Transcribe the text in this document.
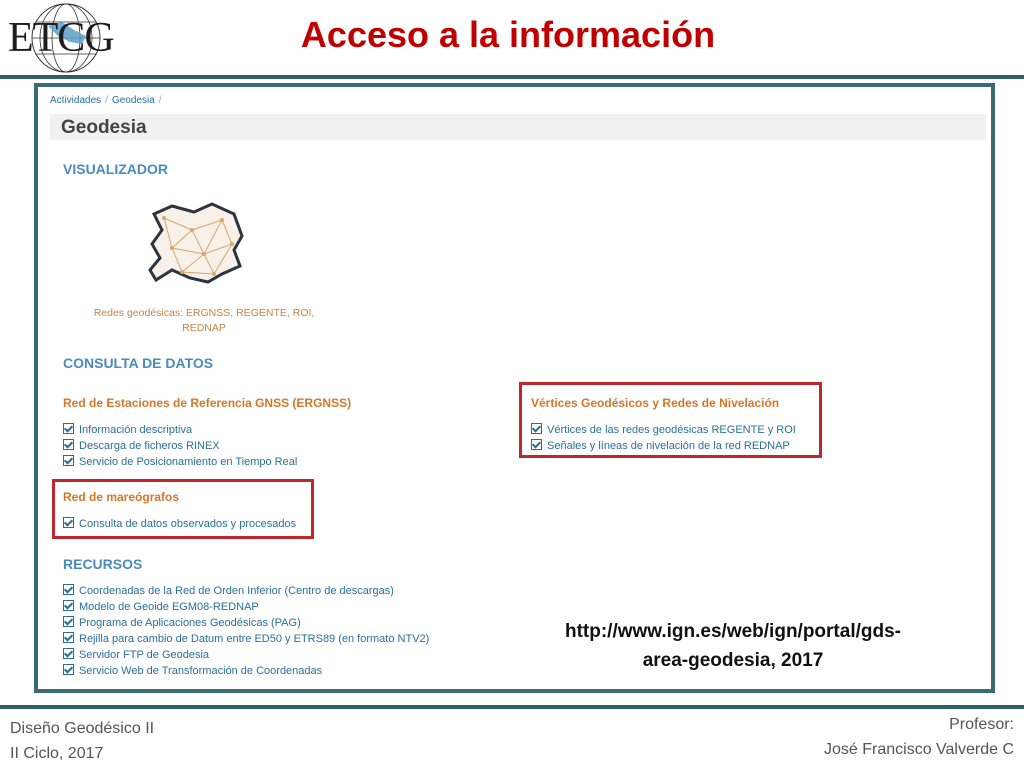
ETCG	Acceso a la información
Actividades / Geodesia /
Geodesia
VISUALIZADOR
Redes geodésicas: ERGNSS, REGENTE, ROI,
REDNAP
CONSULTA DE DATOS
Red de Estaciones de Referencia GNSS (ERGNSS)
Información descriptiva
Descarga de ficheros RINEX
Servicio de Posicionamiento en Tiempo Real
Vértices Geodésicos y Redes de Nivelación
Vértices de las redes geodésicas REGENTE y ROI
Señales y líneas de nivelación de la red REDNAP
Red de mareógrafos
Consulta de datos observados y procesados
RECURSOS
Coordenadas de la Red de Orden Inferior (Centro de descargas)
Modelo de Geoide EGM08-REDNAP
Programa de Aplicaciones Geodésicas (PAG)
Rejilla para cambio de Datum entre ED50 y ETRS89 (en formato NTV2)
Servidor FTP de Geodesia
Servicio Web de Transformación de Coordenadas
http://www.ign.es/web/ign/portal/gds-
area-geodesia, 2017
Diseño Geodésico II
II Ciclo, 2017
Profesor:
José Francisco Valverde C
